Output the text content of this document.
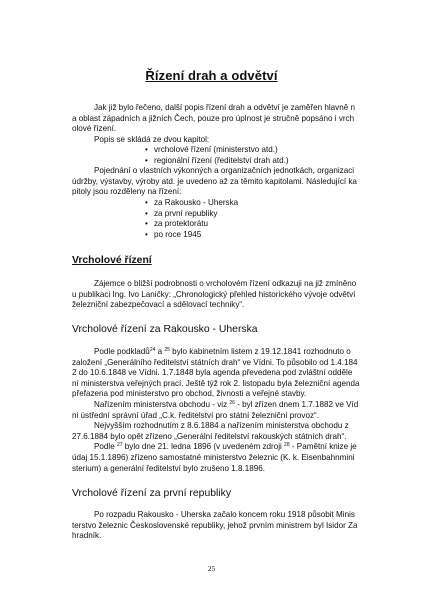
Řízení drah a odvětví
Jak již bylo řečeno, další popis řízení drah a odvětví je zaměřen hlavně n
a oblast západních a jižních Čech, pouze pro úplnost je stručně popsáno i vrch
olové řízení.
Popis se skládá ze dvou kapitol:
• vrcholové řízení (ministerstvo atd.)
• regionální řízení (ředitelství drah atd.)
Pojednání o vlastních výkonných a organizačních jednotkách, organizaci
údržby, výstavby, výroby atd. je uvedeno až za těmito kapitolami. Následující ka
pitoly jsou rozděleny na řízení:
• za Rakousko - Uherska
• za první republiky
• za protektorátu
• po roce 1945
Vrcholové řízení
Zájemce o bližší podrobnosti o vrcholovém řízení odkazuji na již zmíněno
u publikaci Ing. Ivo Laničky: „Chronologický přehled historického vývoje odvětví
železniční zabezpečovací a sdělovací techniky“.
Vrcholové řízení za Rakousko - Uherska
Podle podkladů$^{24}$ a $^{25}$ bylo kabinetním listem z 19.12.1841 rozhodnuto o
založení „Generálního ředitelství státních drah“ ve Vídni. To působilo od 1.4.184
2 do 10.6.1848 ve Vídni. 1.7.1848 byla agenda převedena pod zvláštní odděle
ní ministerstva veřejných prací. Ještě týž rok 2. listopadu byla železniční agenda
přefazena pod ministerstvo pro obchod, živnosti a veřejné stavby.
Nařízením ministerstva obchodu - viz $^{26}$ - byl zřízen dnem 1.7.1882 ve Víd
ni ústřední správní úřad „C.k. ředitelství pro státní železniční provoz“.
Nejvyšším rozhodnutím z 8.6.1884 a nařízením ministerstva obchodu z
27.6.1884 bylo opět zřízeno „Generální ředitelství rakouských státních drah“.
Podle $^{27}$ bylo dne 21. ledna 1896 (v uvedeném zdroji $^{28}$ - Pamětní knize je
údaj 15.1.1896) zřízeno samostatné ministerstvo železnic (K. k. Eisenbahnmini
sterium) a generální ředitelství bylo zrušeno 1.8.1896.
Vrcholové řízení za první republiky
Po rozpadu Rakousko - Uherska začalo koncem roku 1918 působit Minis
terstvo železnic Československé republiky, jehož prvním ministrem byl Isidor Za
hradník.
25
